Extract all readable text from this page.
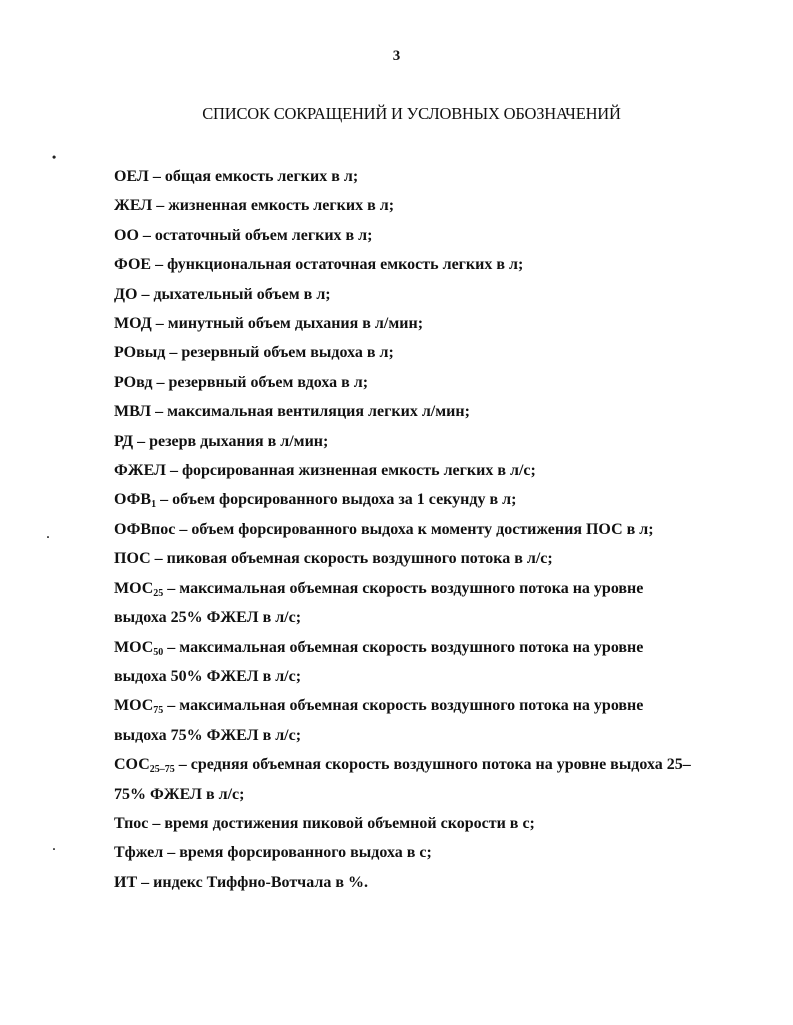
3
СПИСОК СОКРАЩЕНИЙ И УСЛОВНЫХ ОБОЗНАЧЕНИЙ
•
·
·

ОЕЛ – общая емкость легких в л;

ЖЕЛ – жизненная емкость легких в л;

ОО – остаточный объем легких в л;

ФОЕ – функциональная остаточная емкость легких в л;

ДО – дыхательный объем в л;

МОД – минутный объем дыхания в л/мин;

РОвыд – резервный объем выдоха в л;

РОвд – резервный объем вдоха в л;

МВЛ – максимальная вентиляция легких л/мин;

РД – резерв дыхания в л/мин;

ФЖЕЛ – форсированная жизненная емкость легких в л/с;

$ОФВ_1$ – объем форсированного выдоха за 1 секунду в л;

ОФВпос – объем форсированного выдоха к моменту достижения ПОС в л;

ПОС – пиковая объемная скорость воздушного потока в л/с;

$МОС_{25}$ – максимальная объемная скорость воздушного потока на уровне
выдоха 25% ФЖЕЛ в л/с;

$МОС_{50}$ – максимальная объемная скорость воздушного потока на уровне
выдоха 50% ФЖЕЛ в л/с;

$МОС_{75}$ – максимальная объемная скорость воздушного потока на уровне
выдоха 75% ФЖЕЛ в л/с;

$СОС_{25-75}$ – средняя объемная скорость воздушного потока на уровне выдоха 25–
75% ФЖЕЛ в л/с;

Тпос – время достижения пиковой объемной скорости в с;

Тфжел – время форсированного выдоха в с;

ИТ – индекс Тиффно-Вотчала в %.
